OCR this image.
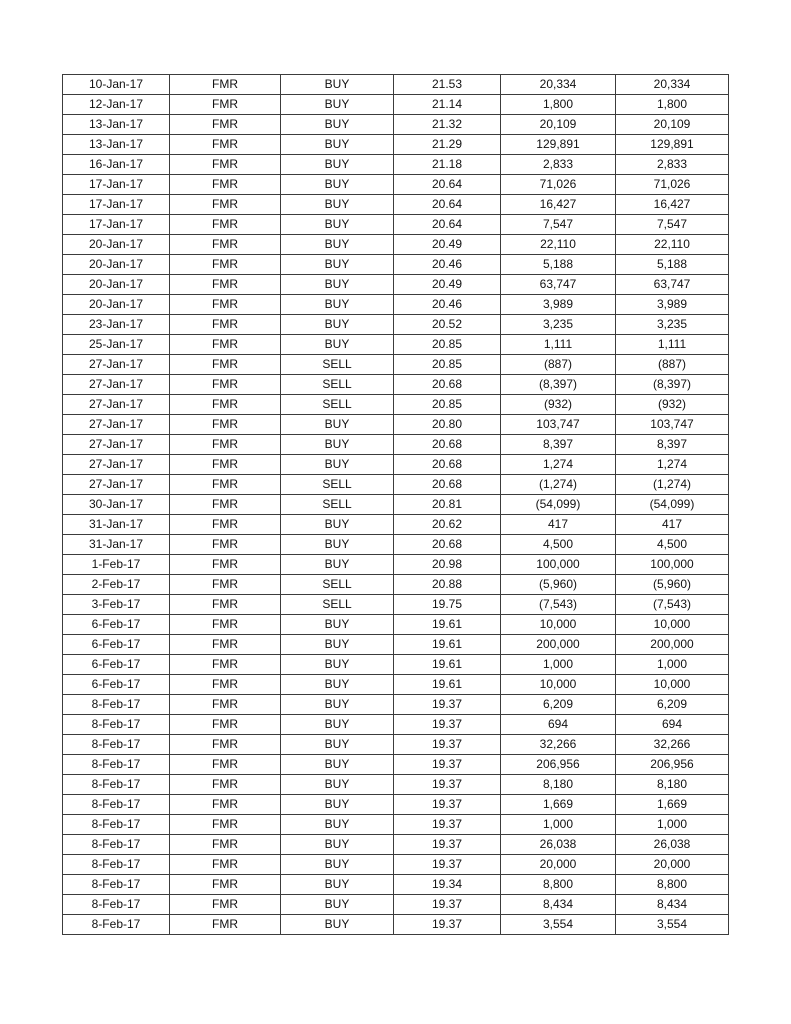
10-Jan-17	FMR	BUY	21.53	20,334	20,334
12-Jan-17	FMR	BUY	21.14	1,800	1,800
13-Jan-17	FMR	BUY	21.32	20,109	20,109
13-Jan-17	FMR	BUY	21.29	129,891	129,891
16-Jan-17	FMR	BUY	21.18	2,833	2,833
17-Jan-17	FMR	BUY	20.64	71,026	71,026
17-Jan-17	FMR	BUY	20.64	16,427	16,427
17-Jan-17	FMR	BUY	20.64	7,547	7,547
20-Jan-17	FMR	BUY	20.49	22,110	22,110
20-Jan-17	FMR	BUY	20.46	5,188	5,188
20-Jan-17	FMR	BUY	20.49	63,747	63,747
20-Jan-17	FMR	BUY	20.46	3,989	3,989
23-Jan-17	FMR	BUY	20.52	3,235	3,235
25-Jan-17	FMR	BUY	20.85	1,111	1,111
27-Jan-17	FMR	SELL	20.85	(887)	(887)
27-Jan-17	FMR	SELL	20.68	(8,397)	(8,397)
27-Jan-17	FMR	SELL	20.85	(932)	(932)
27-Jan-17	FMR	BUY	20.80	103,747	103,747
27-Jan-17	FMR	BUY	20.68	8,397	8,397
27-Jan-17	FMR	BUY	20.68	1,274	1,274
27-Jan-17	FMR	SELL	20.68	(1,274)	(1,274)
30-Jan-17	FMR	SELL	20.81	(54,099)	(54,099)
31-Jan-17	FMR	BUY	20.62	417	417
31-Jan-17	FMR	BUY	20.68	4,500	4,500
1-Feb-17	FMR	BUY	20.98	100,000	100,000
2-Feb-17	FMR	SELL	20.88	(5,960)	(5,960)
3-Feb-17	FMR	SELL	19.75	(7,543)	(7,543)
6-Feb-17	FMR	BUY	19.61	10,000	10,000
6-Feb-17	FMR	BUY	19.61	200,000	200,000
6-Feb-17	FMR	BUY	19.61	1,000	1,000
6-Feb-17	FMR	BUY	19.61	10,000	10,000
8-Feb-17	FMR	BUY	19.37	6,209	6,209
8-Feb-17	FMR	BUY	19.37	694	694
8-Feb-17	FMR	BUY	19.37	32,266	32,266
8-Feb-17	FMR	BUY	19.37	206,956	206,956
8-Feb-17	FMR	BUY	19.37	8,180	8,180
8-Feb-17	FMR	BUY	19.37	1,669	1,669
8-Feb-17	FMR	BUY	19.37	1,000	1,000
8-Feb-17	FMR	BUY	19.37	26,038	26,038
8-Feb-17	FMR	BUY	19.37	20,000	20,000
8-Feb-17	FMR	BUY	19.34	8,800	8,800
8-Feb-17	FMR	BUY	19.37	8,434	8,434
8-Feb-17	FMR	BUY	19.37	3,554	3,554
